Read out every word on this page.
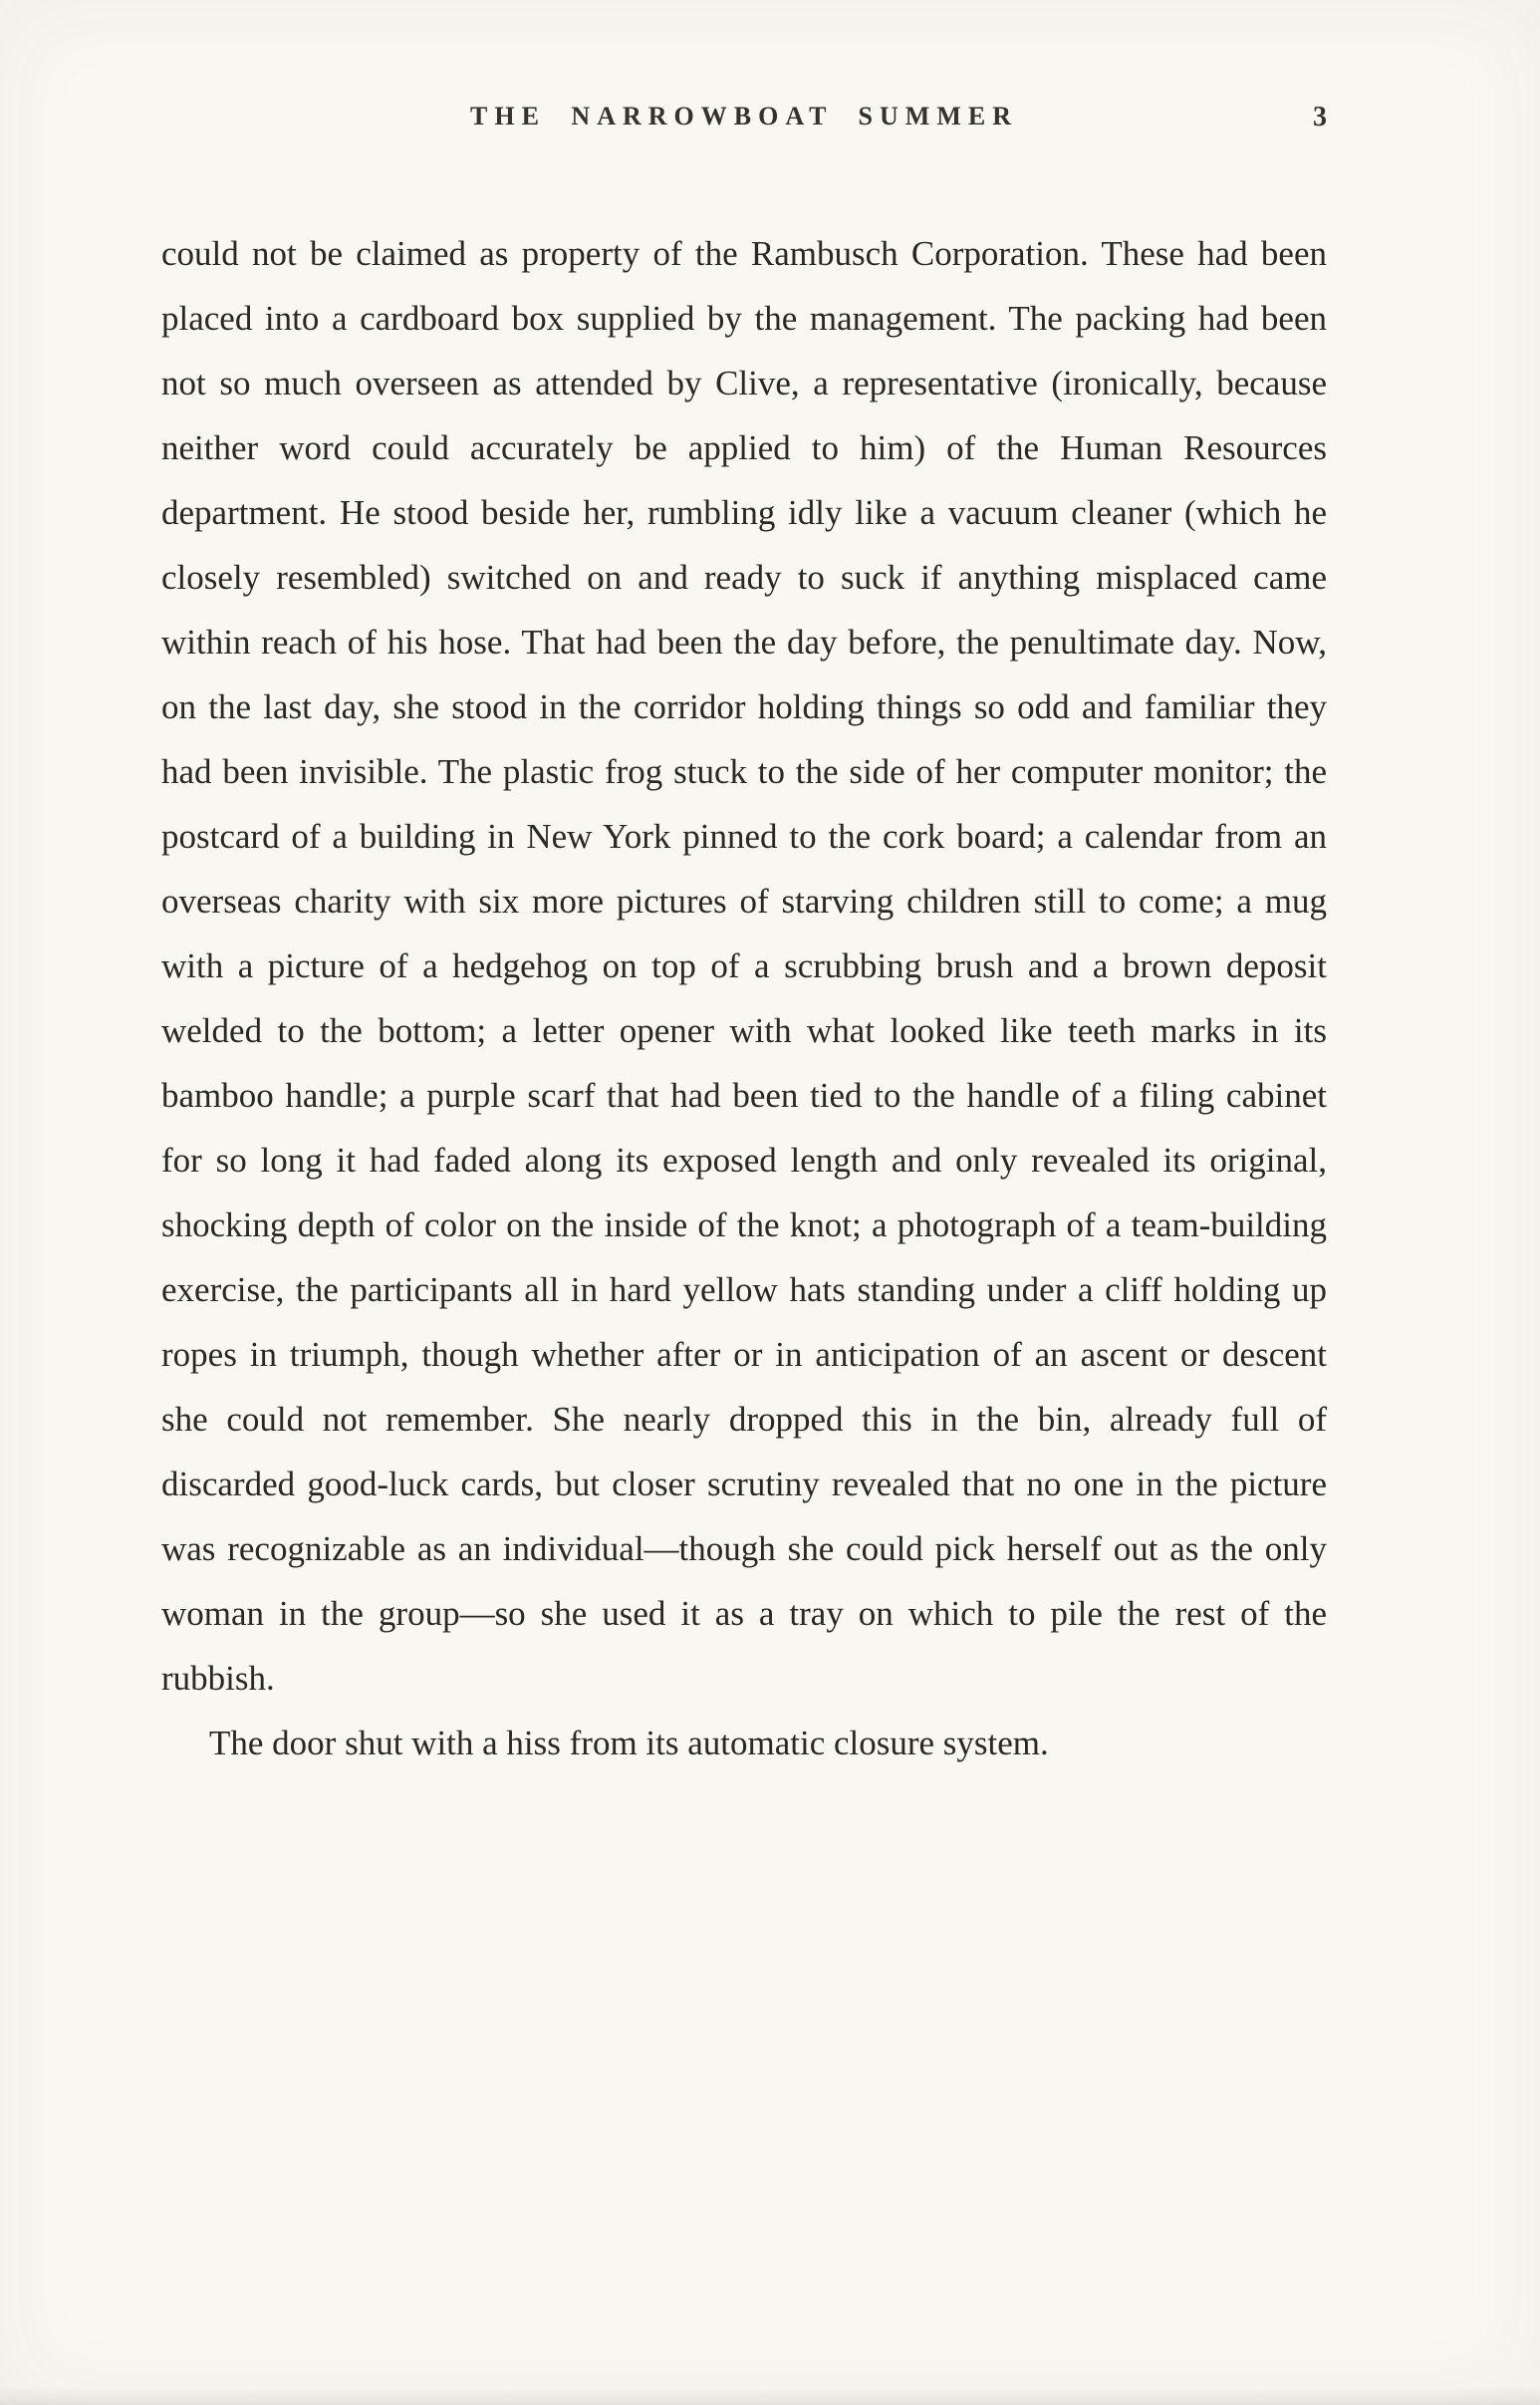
THE NARROWBOAT SUMMER	3

could not be claimed as property of the Rambusch Corporation. These had been placed into a cardboard box supplied by the management. The packing had been not so much overseen as attended by Clive, a representative (ironically, because neither word could accurately be applied to him) of the Human Resources department. He stood beside her, rumbling idly like a vacuum cleaner (which he closely resembled) switched on and ready to suck if anything misplaced came within reach of his hose. That had been the day before, the penultimate day. Now, on the last day, she stood in the corridor holding things so odd and familiar they had been invisible. The plastic frog stuck to the side of her computer monitor; the postcard of a building in New York pinned to the cork board; a calendar from an overseas charity with six more pictures of starving children still to come; a mug with a picture of a hedgehog on top of a scrubbing brush and a brown deposit welded to the bottom; a letter opener with what looked like teeth marks in its bamboo handle; a purple scarf that had been tied to the handle of a filing cabinet for so long it had faded along its exposed length and only revealed its original, shocking depth of color on the inside of the knot; a photograph of a team-building exercise, the participants all in hard yellow hats standing under a cliff holding up ropes in triumph, though whether after or in anticipation of an ascent or descent she could not remember. She nearly dropped this in the bin, already full of discarded good-luck cards, but closer scrutiny revealed that no one in the picture was recognizable as an individual—though she could pick herself out as the only woman in the group—so she used it as a tray on which to pile the rest of the rubbish.

The door shut with a hiss from its automatic closure system.
